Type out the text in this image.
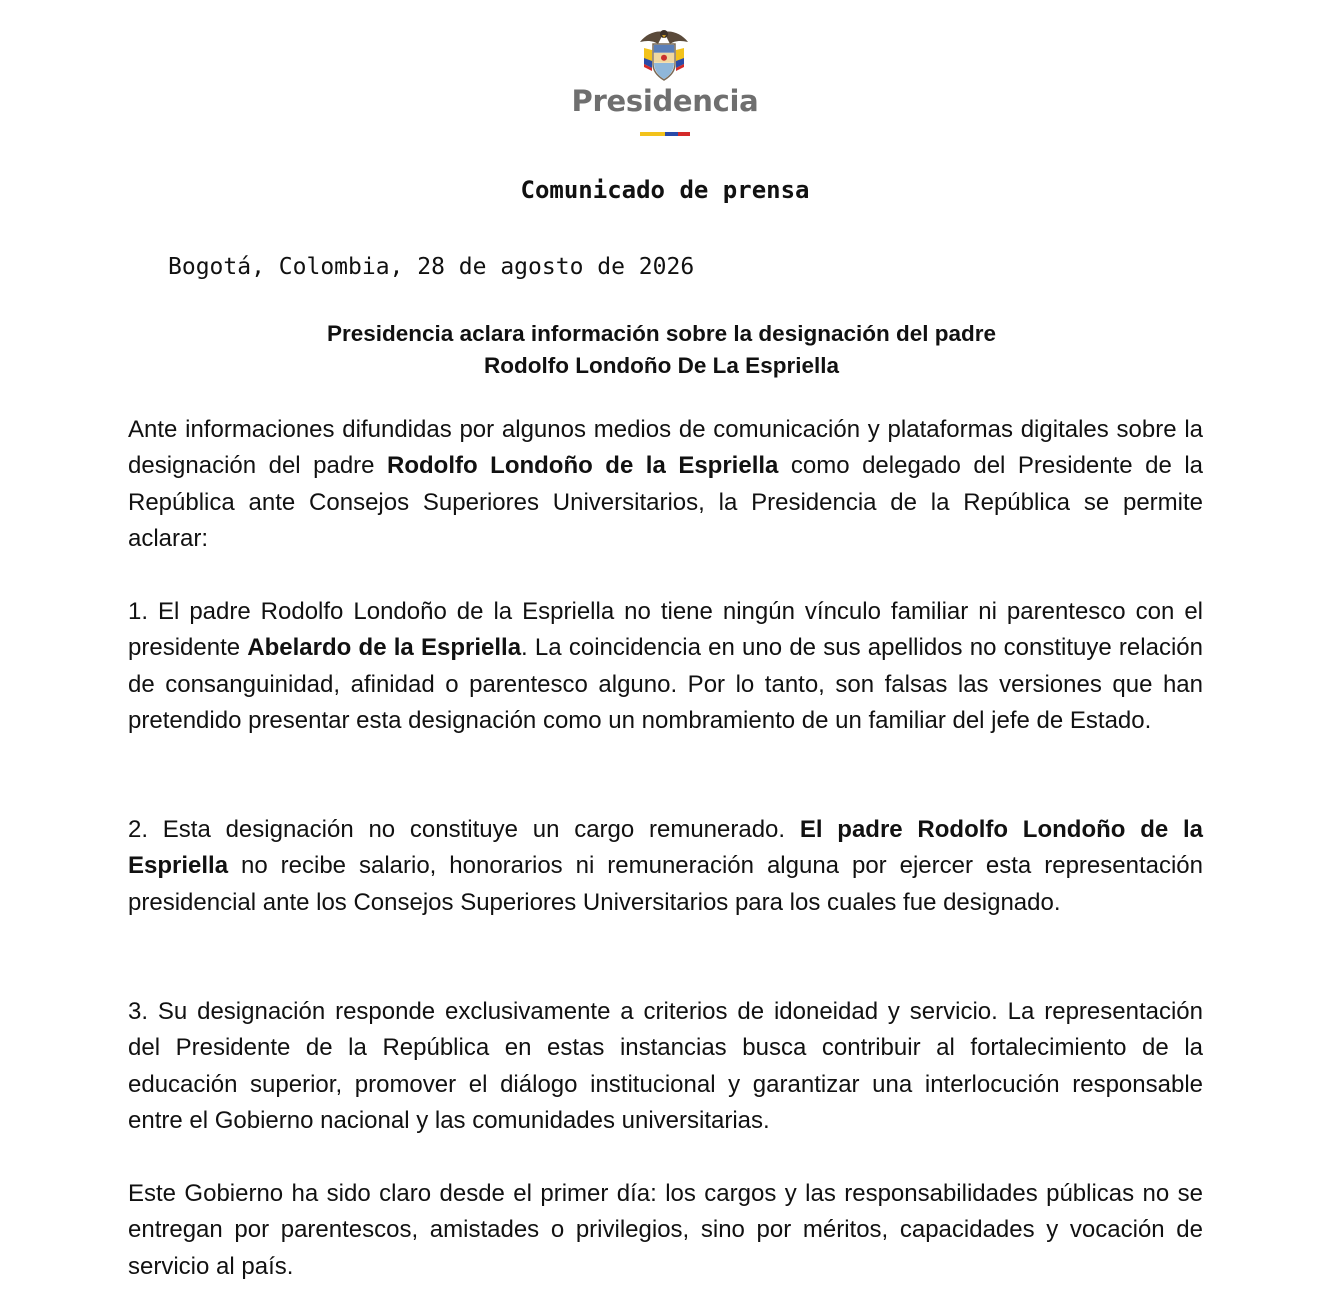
Presidencia
Comunicado de prensa
Bogotá, Colombia, 28 de agosto de 2026
Presidencia aclara información sobre la designación del padre
Rodolfo Londoño De La Espriella

Ante informaciones difundidas por algunos medios de comunicación y plataformas digitales sobre la designación del padre Rodolfo Londoño de la Espriella como delegado del Presidente de la República ante Consejos Superiores Universitarios, la Presidencia de la República se permite aclarar:

1. El padre Rodolfo Londoño de la Espriella no tiene ningún vínculo familiar ni parentesco con el presidente Abelardo de la Espriella. La coincidencia en uno de sus apellidos no constituye relación de consanguinidad, afinidad o parentesco alguno. Por lo tanto, son falsas las versiones que han pretendido presentar esta designación como un nombramiento de un familiar del jefe de Estado.

2. Esta designación no constituye un cargo remunerado. El padre Rodolfo Londoño de la Espriella no recibe salario, honorarios ni remuneración alguna por ejercer esta representación presidencial ante los Consejos Superiores Universitarios para los cuales fue designado.

3. Su designación responde exclusivamente a criterios de idoneidad y servicio. La representación del Presidente de la República en estas instancias busca contribuir al fortalecimiento de la educación superior, promover el diálogo institucional y garantizar una interlocución responsable entre el Gobierno nacional y las comunidades universitarias.

Este Gobierno ha sido claro desde el primer día: los cargos y las responsabilidades públicas no se entregan por parentescos, amistades o privilegios, sino por méritos, capacidades y vocación de servicio al país.
